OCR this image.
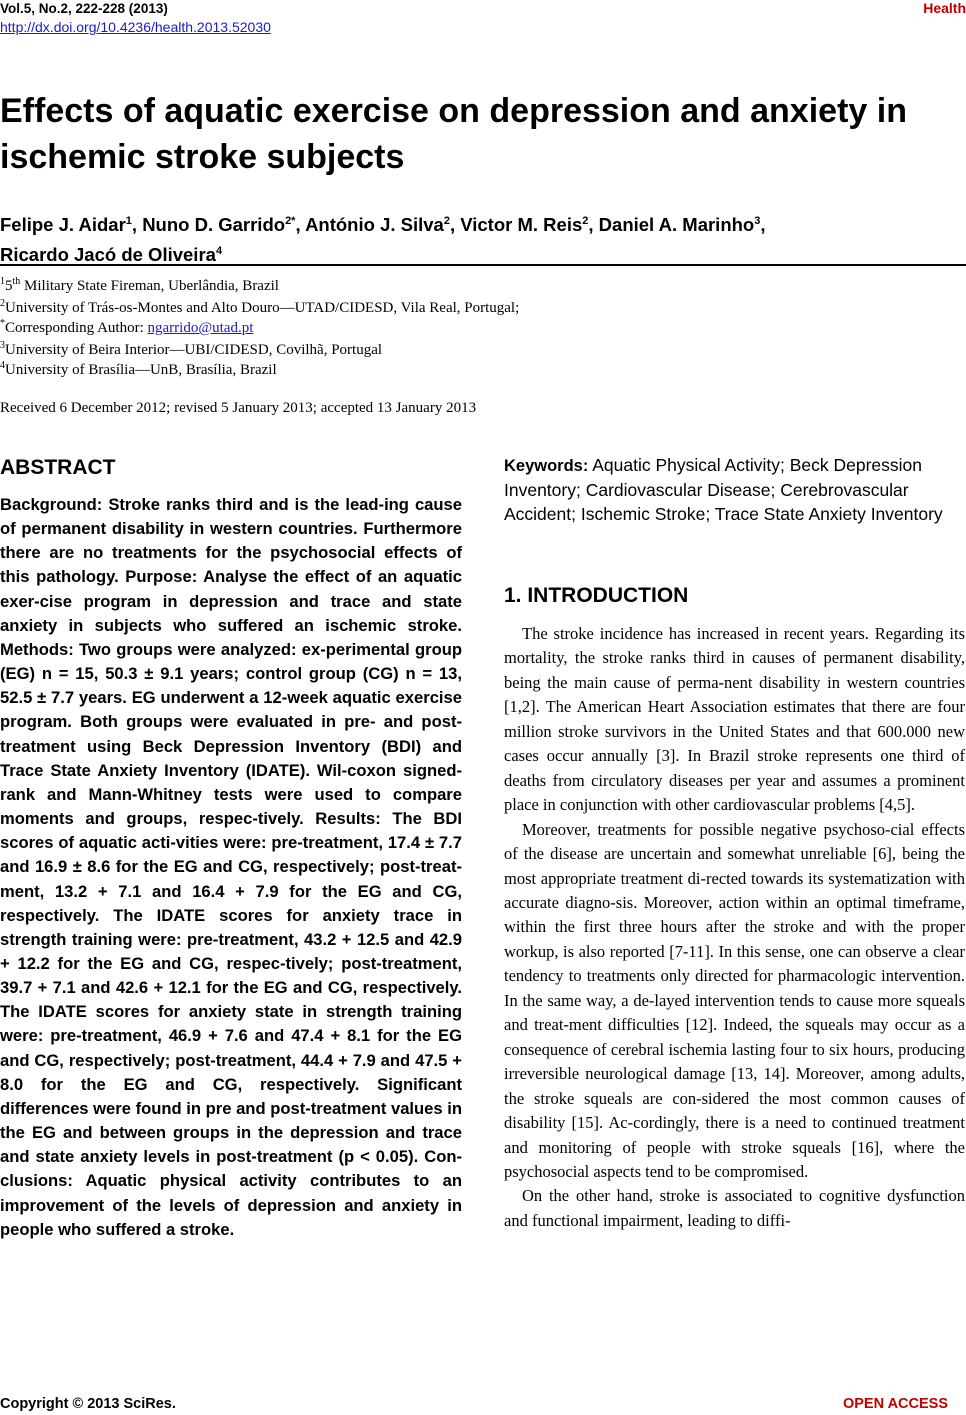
Vol.5, No.2, 222-228 (2013)
http://dx.doi.org/10.4236/health.2013.52030
Health
Effects of aquatic exercise on depression and anxiety in ischemic stroke subjects
Felipe J. Aidar$^1$, Nuno D. Garrido$^{2*}$, António J. Silva$^2$, Victor M. Reis$^2$, Daniel A. Marinho$^3$,
Ricardo Jacó de Oliveira$^4$
$^1$5th Military State Fireman, Uberlândia, Brazil
$^2$University of Trás-os-Montes and Alto Douro—UTAD/CIDESD, Vila Real, Portugal;
*Corresponding Author: ngarrido@utad.pt
$^3$University of Beira Interior—UBI/CIDESD, Covilhã, Portugal
$^4$University of Brasília—UnB, Brasília, Brazil
Received 6 December 2012; revised 5 January 2013; accepted 13 January 2013
ABSTRACT
Background: Stroke ranks third and is the lead-ing cause of permanent disability in western countries. Furthermore there are no treatments for the psychosocial effects of this pathology. Purpose: Analyse the effect of an aquatic exer-cise program in depression and trace and state anxiety in subjects who suffered an ischemic stroke. Methods: Two groups were analyzed: ex-perimental group (EG) n = 15, 50.3 ± 9.1 years; control group (CG) n = 13, 52.5 ± 7.7 years. EG underwent a 12-week aquatic exercise program. Both groups were evaluated in pre- and post-treatment using Beck Depression Inventory (BDI) and Trace State Anxiety Inventory (IDATE). Wil-coxon signed-rank and Mann-Whitney tests were used to compare moments and groups, respec-tively. Results: The BDI scores of aquatic acti-vities were: pre-treatment, 17.4 ± 7.7 and 16.9 ± 8.6 for the EG and CG, respectively; post-treat-ment, 13.2 + 7.1 and 16.4 + 7.9 for the EG and CG, respectively. The IDATE scores for anxiety trace in strength training were: pre-treatment, 43.2 + 12.5 and 42.9 + 12.2 for the EG and CG, respec-tively; post-treatment, 39.7 + 7.1 and 42.6 + 12.1 for the EG and CG, respectively. The IDATE scores for anxiety state in strength training were: pre-treatment, 46.9 + 7.6 and 47.4 + 8.1 for the EG and CG, respectively; post-treatment, 44.4 + 7.9 and 47.5 + 8.0 for the EG and CG, respectively. Significant differences were found in pre and post-treatment values in the EG and between groups in the depression and trace and state anxiety levels in post-treatment (p < 0.05). Con-clusions: Aquatic physical activity contributes to an improvement of the levels of depression and anxiety in people who suffered a stroke.
Keywords: Aquatic Physical Activity; Beck Depression Inventory; Cardiovascular Disease; Cerebrovascular Accident; Ischemic Stroke; Trace State Anxiety Inventory
1. INTRODUCTION

The stroke incidence has increased in recent years. Regarding its mortality, the stroke ranks third in causes of permanent disability, being the main cause of perma-nent disability in western countries [1,2]. The American Heart Association estimates that there are four million stroke survivors in the United States and that 600.000 new cases occur annually [3]. In Brazil stroke represents one third of deaths from circulatory diseases per year and assumes a prominent place in conjunction with other cardiovascular problems [4,5].

Moreover, treatments for possible negative psychoso-cial effects of the disease are uncertain and somewhat unreliable [6], being the most appropriate treatment di-rected towards its systematization with accurate diagno-sis. Moreover, action within an optimal timeframe, within the first three hours after the stroke and with the proper workup, is also reported [7-11]. In this sense, one can observe a clear tendency to treatments only directed for pharmacologic intervention. In the same way, a de-layed intervention tends to cause more squeals and treat-ment difficulties [12]. Indeed, the squeals may occur as a consequence of cerebral ischemia lasting four to six hours, producing irreversible neurological damage [13, 14]. Moreover, among adults, the stroke squeals are con-sidered the most common causes of disability [15]. Ac-cordingly, there is a need to continued treatment and monitoring of people with stroke squeals [16], where the psychosocial aspects tend to be compromised.

On the other hand, stroke is associated to cognitive dysfunction and functional impairment, leading to diffi-

Copyright © 2013 SciRes.	OPEN ACCESS
